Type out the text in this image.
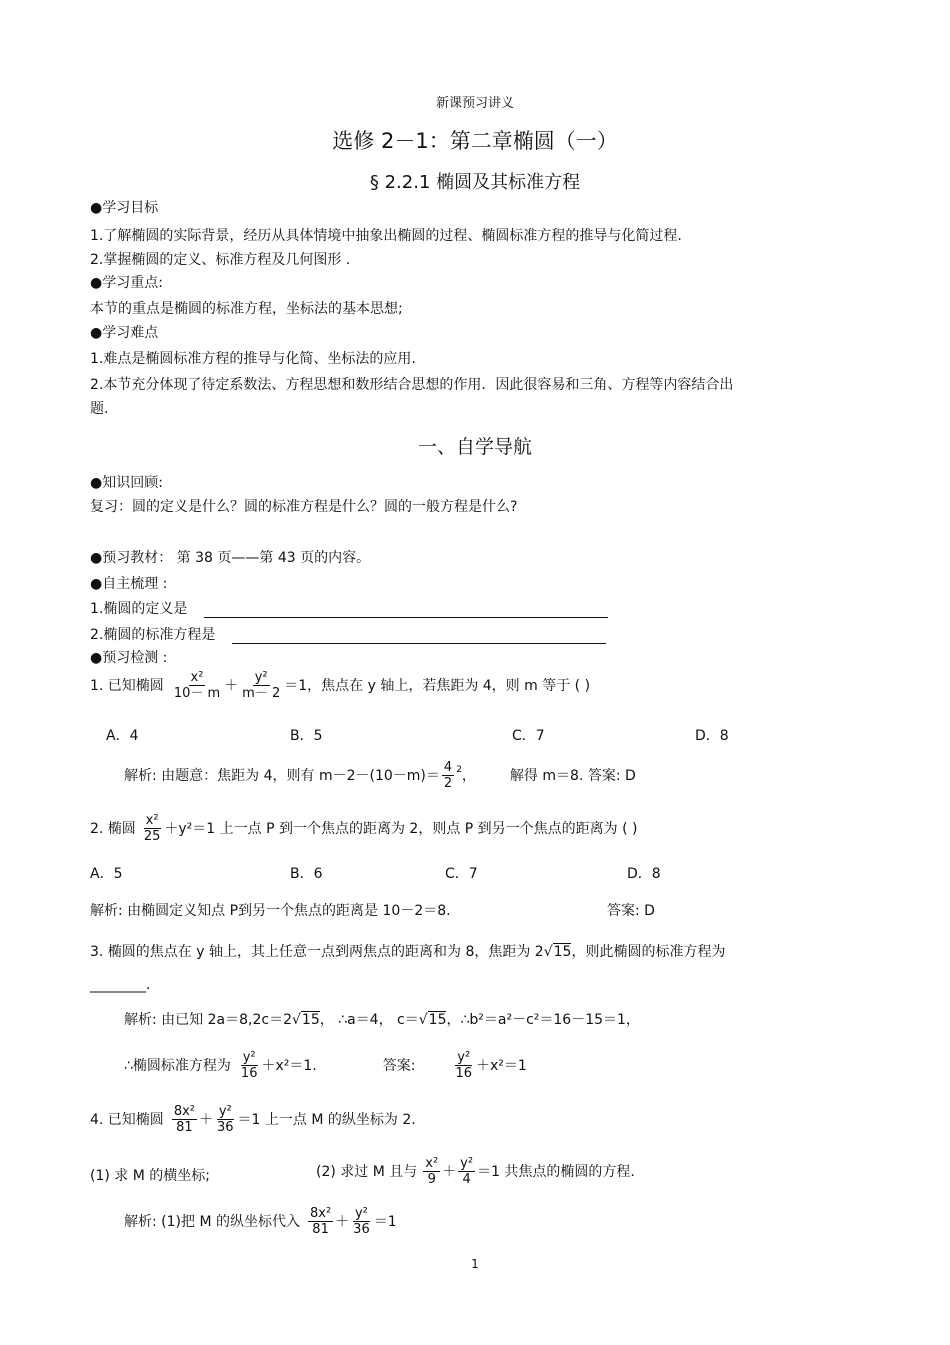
新课预习讲义
选修 2－1：第二章椭圆（一）
§ 2.2.1 椭圆及其标准方程
●学习目标
1.了解椭圆的实际背景，经历从具体情境中抽象出椭圆的过程、椭圆标准方程的推导与化简过程.
2.掌握椭圆的定义、标准方程及几何图形 .
●学习重点:
本节的重点是椭圆的标准方程，坐标法的基本思想;
●学习难点
1.难点是椭圆标准方程的推导与化简、坐标法的应用.
2.本节充分体现了待定系数法、方程思想和数形结合思想的作用．因此很容易和三角、方程等内容结合出
题.
一、自学导航
●知识回顾:
复习：圆的定义是什么？圆的标准方程是什么？圆的一般方程是什么?
●预习教材： 第 38 页——第 43 页的内容。
●自主梳理 :
1.椭圆的定义是
2.椭圆的标准方程是
●预习检测 :
1. 已知椭圆 $\frac{\text{x²}}{10- m} + \frac{\text{y²}}{m- 2} =1$，焦点在 y 轴上，若焦距为 4，则 m 等于 ( )
A．4	B．5	C．7	D．8
解析: 由题意：焦距为 4，则有 $m-2-(10-m)= \frac{4}{2} 2$ ， 解得 m＝8. 答案: D
2. 椭圆 $\frac{\text{x²}}{25} +y^2=1$ 上一点 P 到一个焦点的距离为 2，则点 P 到另一个焦点的距离为 ( )
A．5	B．6	C．7	D．8
解析: 由椭圆定义知点 P到另一个焦点的距离是 10－2＝8.	答案: D
3. 椭圆的焦点在 y 轴上，其上任意一点到两焦点的距离和为 8，焦距为 2√15，则此椭圆的标准方程为
________.
解析: 由已知 2a＝8,2c＝2√15， ∴a＝4， c＝√15，∴b²＝a²－c²＝16－15＝1，
∴椭圆标准方程为 $\frac{\text{y²}}{16} +x^2=1$.	答案:	$\frac{\text{y²}}{16} +x^2=1$
4. 已知椭圆 $\frac{\text{8x²}}{81} + \frac{\text{y²}}{36} =1$ 上一点 M 的纵坐标为 2.
(1) 求 M 的横坐标;	(2) 求过 M 且与 $\frac{\text{x²}}{9} + \frac{\text{y²}}{4} =1$ 共焦点的椭圆的方程.
解析: (1)把 M 的纵坐标代入 $\frac{\text{8x²}}{81} + \frac{\text{y²}}{36} =1$
1
